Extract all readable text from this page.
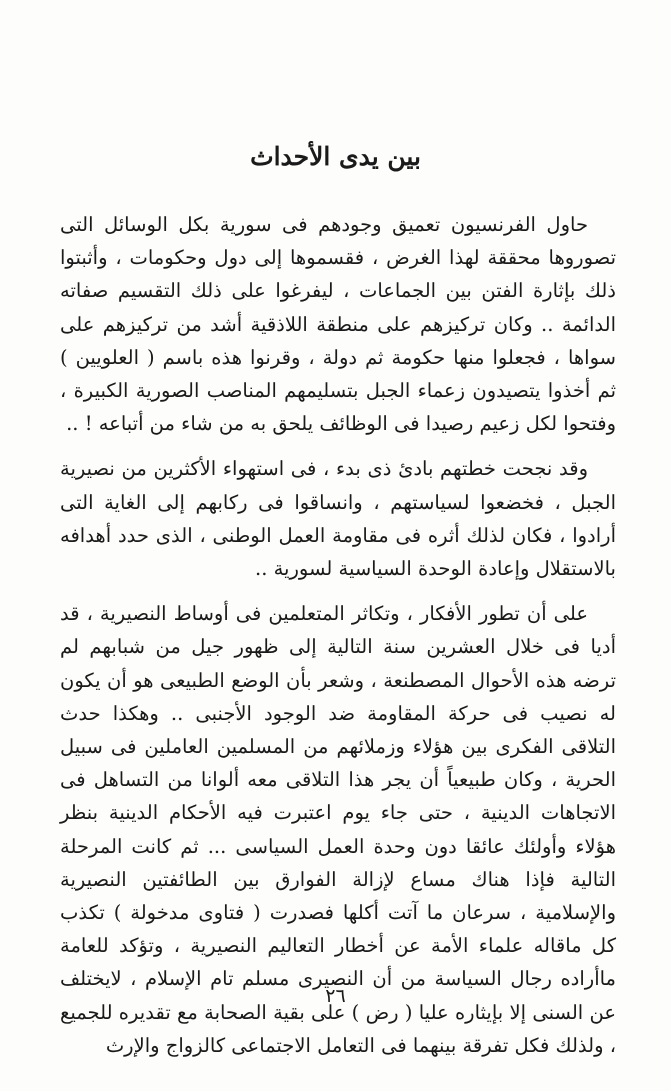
بين يدى الأحداث

حاول الفرنسيون تعميق وجودهم فى سورية بكل الوسائل التى تصوروها محققة لهذا الغرض ، فقسموها إلى دول وحكومات ، وأثبتوا ذلك بإثارة الفتن بين الجماعات ، ليفرغوا على ذلك التقسيم صفاته الدائمة .. وكان تركيزهم على منطقة اللاذقية أشد من تركيزهم على سواها ، فجعلوا منها حكومة ثم دولة ، وقرنوا هذه باسم ( العلويين ) ثم أخذوا يتصيدون زعماء الجبل بتسليمهم المناصب الصورية الكبيرة ، وفتحوا لكل زعيم رصيدا فى الوظائف يلحق به من شاء من أتباعه ! ..

وقد نجحت خطتهم بادئ ذى بدء ، فى استهواء الأكثرين من نصيرية الجبل ، فخضعوا لسياستهم ، وانساقوا فى ركابهم إلى الغاية التى أرادوا ، فكان لذلك أثره فى مقاومة العمل الوطنى ، الذى حدد أهدافه بالاستقلال وإعادة الوحدة السياسية لسورية ..

على أن تطور الأفكار ، وتكاثر المتعلمين فى أوساط النصيرية ، قد أديا فى خلال العشرين سنة التالية إلى ظهور جيل من شبابهم لم ترضه هذه الأحوال المصطنعة ، وشعر بأن الوضع الطبيعى هو أن يكون له نصيب فى حركة المقاومة ضد الوجود الأجنبى .. وهكذا حدث التلاقى الفكرى بين هؤلاء وزملائهم من المسلمين العاملين فى سبيل الحرية ، وكان طبيعياً أن يجر هذا التلاقى معه ألوانا من التساهل فى الاتجاهات الدينية ، حتى جاء يوم اعتبرت فيه الأحكام الدينية بنظر هؤلاء وأولئك عائقا دون وحدة العمل السياسى ... ثم كانت المرحلة التالية فإذا هناك مساع لإزالة الفوارق بين الطائفتين النصيرية والإسلامية ، سرعان ما آتت أكلها فصدرت ( فتاوى مدخولة ) تكذب كل ماقاله علماء الأمة عن أخطار التعاليم النصيرية ، وتؤكد للعامة ماأراده رجال السياسة من أن النصيرى مسلم تام الإسلام ، لايختلف عن السنى إلا بإيثاره عليا ( رض ) على بقية الصحابة مع تقديره للجميع ، ولذلك فكل تفرقة بينهما فى التعامل الاجتماعى كالزواج والإرث

٢٦
